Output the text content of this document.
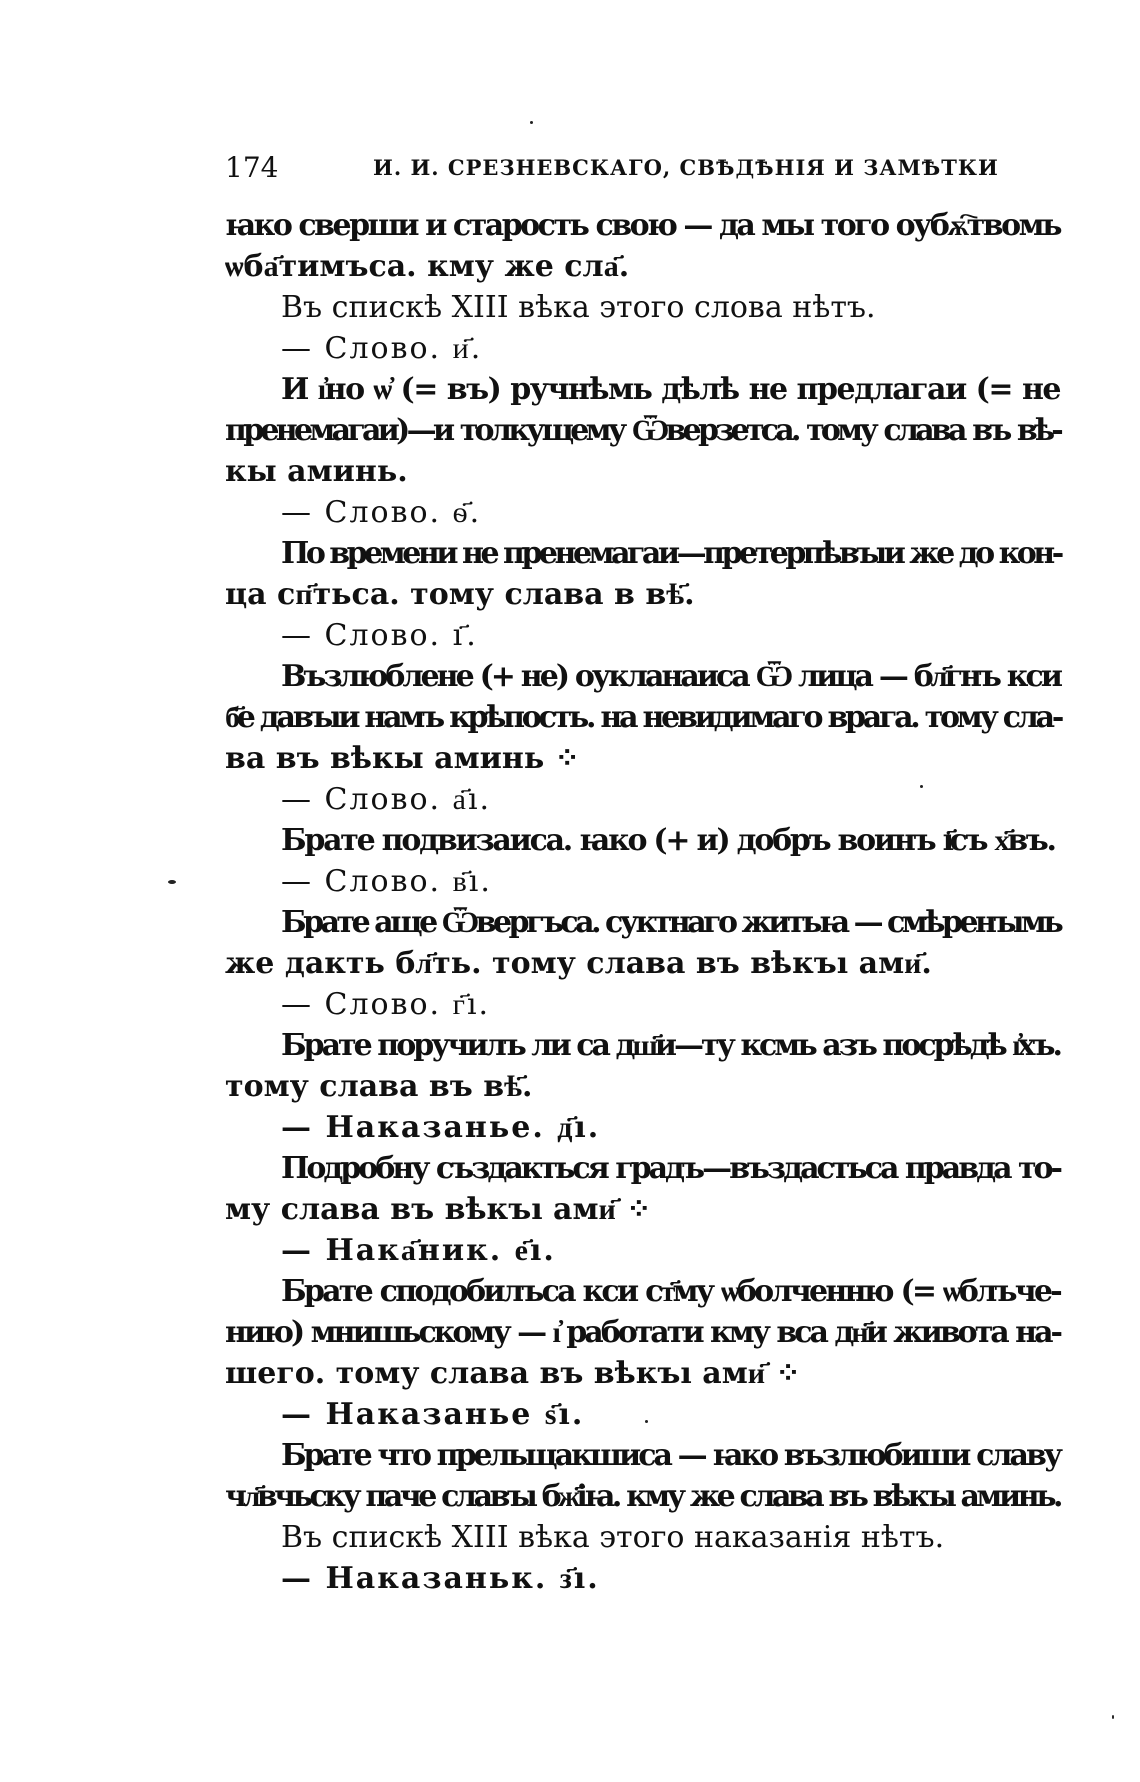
174	И. И. СРЕЗНЕВСКАГО, СВѢДѢНІЯ И ЗАМѢТКИ
ꙗко сверши и старость свою — да мы того оубѫ҇твомь
ѡба҃тимъса. кму же сла҃.
Въ спискѣ XIII вѣка этого слова нѣтъ.
— Слово. и҃.
И ı҆но ѡ҆ (= въ) ручнѣмь дѣлѣ не предлагаи (= не
пренемагаи)—и толкущему Ѿверзетса. тому слава въ вѣ-
кы аминь.
— Слово. ѳ҃.
По времени не пренемагаи—претерпѣвъıи же до кон-
ца сп҃тьса. тому слава в вѣ҃.
— Слово. ı҃.
Възлюблене (+ не) оукланаиса Ѿ лица — бл҃гнъ кси
б҃е давъıи намъ крѣпость. на невидимаго врага. тому сла-
ва въ вѣкы аминь ⁘
— Слово. а҃ı.
Брате подвизаиса. ꙗко (+ и) добръ воинъ ı҃съ х҃въ.
— Слово. в҃ı.
Брате аще Ѿвергъса. суктнаго житьꙗ — смѣренъıмь
же дакть бл҃ть. тому слава въ вѣкъı ами҃.
— Слово. г҃ı.
Брате поручилъ ли са дш҃и—ту ксмь азъ посрѣдѣ ı҆хъ.
тому слава въ вѣ҃.
— Наказанье. д҃ı.
Подробну създакться градъ—въздастьса правда то-
му слава въ вѣкъı ами҃ ⁘
— Нака҃ник. е҃ı.
Брате сподобилъса кси ст҃му ѡболченню (= ѡблъче-
нию) мнишьскому — ı҆ работати кму вса дн҃и живота на-
шего. тому слава въ вѣкъı ами҃ ⁘
— Наказанье ѕ҃ı.
Брате что прельщакшиса — ꙗко възлюбиши славу
чл҃вчьску паче славъı бж҃іꙗ. кму же слава въ вѣкъı аминь.
Въ спискѣ XIII вѣка этого наказанія нѣтъ.
— Наказаньк. з҃ı.
